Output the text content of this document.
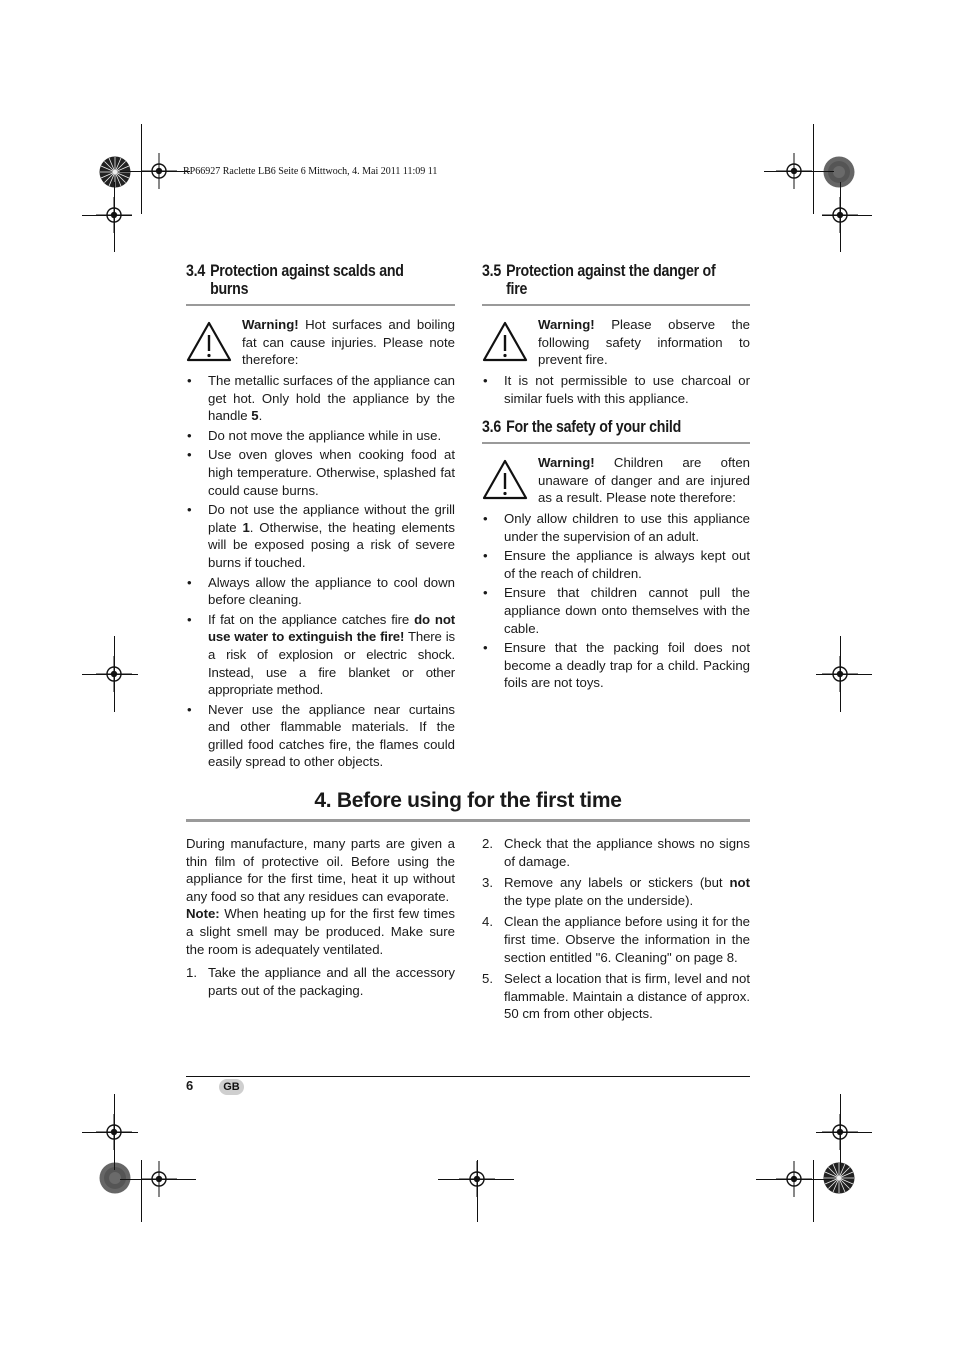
RP66927 Raclette LB6 Seite 6 Mittwoch, 4. Mai 2011 11:09 11
3.4 Protection against scalds and
burns

Warning! Hot surfaces and boiling fat can cause injuries. Please note therefore:

• The metallic surfaces of the appliance can get hot. Only hold the appliance by the handle 5.
• Do not move the appliance while in use.
• Use oven gloves when cooking food at high temperature. Otherwise, splashed fat could cause burns.
• Do not use the appliance without the grill plate 1. Otherwise, the heating elements will be exposed posing a risk of severe burns if touched.
• Always allow the appliance to cool down before cleaning.
• If fat on the appliance catches fire do not use water to extinguish the fire! There is a risk of explosion or electric shock. Instead, use a fire blanket or other appropriate method.
• Never use the appliance near curtains and other flammable materials. If the grilled food catches fire, the flames could easily spread to other objects.
3.5 Protection against the danger of
fire

Warning! Please observe the following safety information to prevent fire.

• It is not permissible to use charcoal or similar fuels with this appliance.
3.6 For the safety of your child

Warning! Children are often unaware of danger and are injured as a result. Please note therefore:

• Only allow children to use this appliance under the supervision of an adult.
• Ensure the appliance is always kept out of the reach of children.
• Ensure that children cannot pull the appliance down onto themselves with the cable.
• Ensure that the packing foil does not become a deadly trap for a child. Packing foils are not toys.
4. Before using for the first time

During manufacture, many parts are given a thin film of protective oil. Before using the appliance for the first time, heat it up without any food so that any residues can evaporate.

Note: When heating up for the first few times a slight smell may be produced. Make sure the room is adequately ventilated.

1. Take the appliance and all the accessory parts out of the packaging.
2. Check that the appliance shows no signs of damage.
3. Remove any labels or stickers (but not the type plate on the underside).
4. Clean the appliance before using it for the first time. Observe the information in the section entitled "6. Cleaning" on page 8.
5. Select a location that is firm, level and not flammable. Maintain a distance of approx. 50 cm from other objects.
6	GB
